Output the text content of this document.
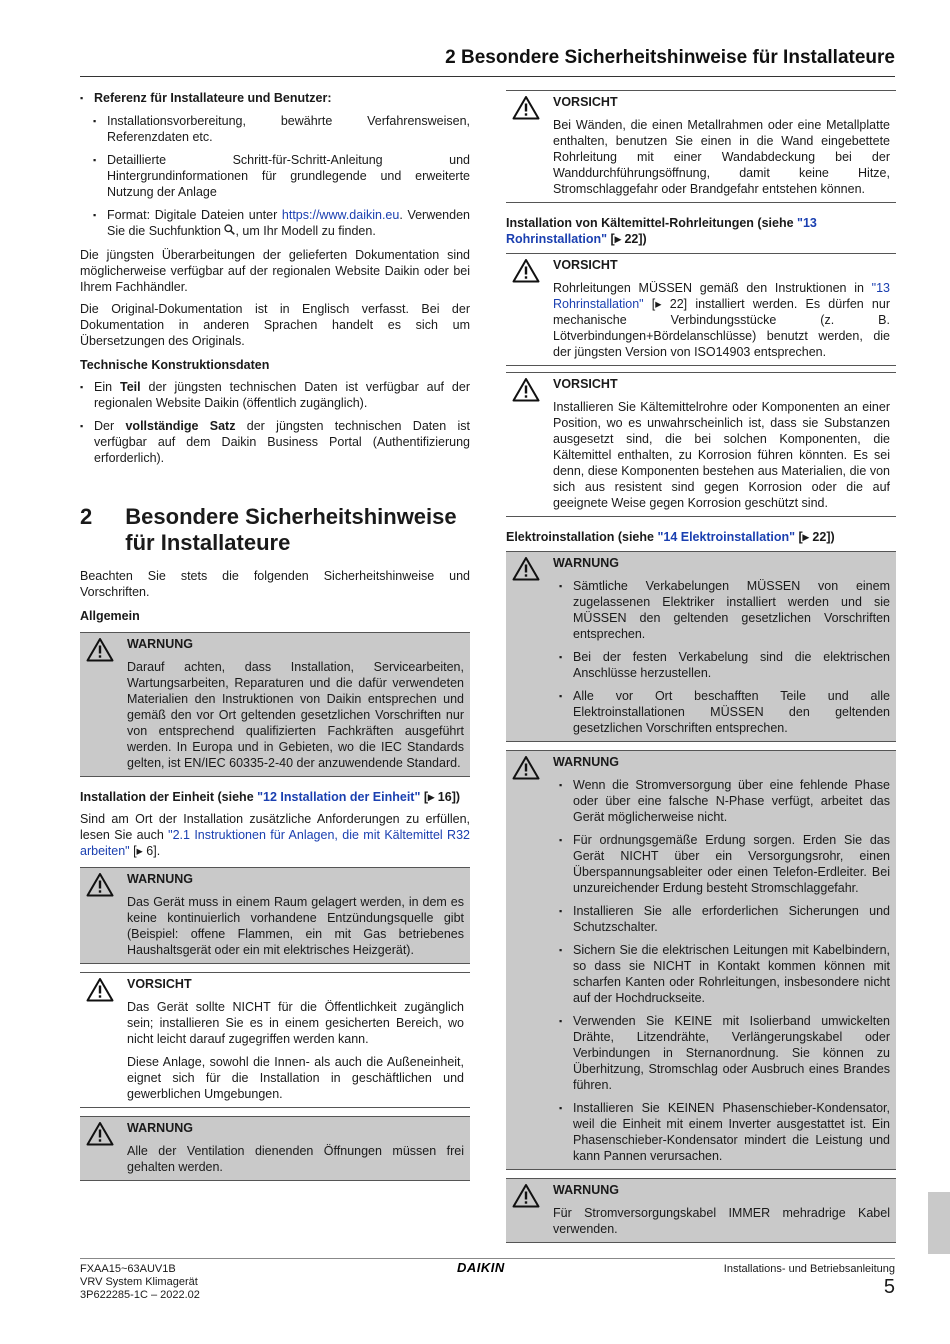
2 Besondere Sicherheitshinweise für Installateure
▪ Referenz für Installateure und Benutzer:
▪ Installationsvorbereitung, bewährte Verfahrensweisen, Referenzdaten etc.
▪ Detaillierte Schritt-für-Schritt-Anleitung und Hintergrundinformationen für grundlegende und erweiterte Nutzung der Anlage
▪ Format: Digitale Dateien unter https://www.daikin.eu. Verwenden Sie die Suchfunktion , um Ihr Modell zu finden.

Die jüngsten Überarbeitungen der gelieferten Dokumentation sind möglicherweise verfügbar auf der regionalen Website Daikin oder bei Ihrem Fachhändler.

Die Original-Dokumentation ist in Englisch verfasst. Bei der Dokumentation in anderen Sprachen handelt es sich um Übersetzungen des Originals.

Technische Konstruktionsdaten
▪ Ein Teil der jüngsten technischen Daten ist verfügbar auf der regionalen Website Daikin (öffentlich zugänglich).
▪ Der vollständige Satz der jüngsten technischen Daten ist verfügbar auf dem Daikin Business Portal (Authentifizierung erforderlich).
2	Besondere Sicherheitshinweise für Installateure

Beachten Sie stets die folgenden Sicherheitshinweise und Vorschriften.

Allgemein
WARNUNG

Darauf achten, dass Installation, Servicearbeiten, Wartungsarbeiten, Reparaturen und die dafür verwendeten Materialien den Instruktionen von Daikin entsprechen und gemäß den vor Ort geltenden gesetzlichen Vorschriften nur von entsprechend qualifizierten Fachkräften ausgeführt werden. In Europa und in Gebieten, wo die IEC Standards gelten, ist EN/IEC 60335-2-40 der anzuwendende Standard.

Installation der Einheit (siehe "12 Installation der Einheit" [▸ 16])

Sind am Ort der Installation zusätzliche Anforderungen zu erfüllen, lesen Sie auch "2.1 Instruktionen für Anlagen, die mit Kältemittel R32 arbeiten" [▸ 6].

WARNUNG

Das Gerät muss in einem Raum gelagert werden, in dem es keine kontinuierlich vorhandene Entzündungsquelle gibt (Beispiel: offene Flammen, ein mit Gas betriebenes Haushaltsgerät oder ein mit elektrisches Heizgerät).

VORSICHT

Das Gerät sollte NICHT für die Öffentlichkeit zugänglich sein; installieren Sie es in einem gesicherten Bereich, wo nicht leicht darauf zugegriffen werden kann.

Diese Anlage, sowohl die Innen- als auch die Außeneinheit, eignet sich für die Installation in geschäftlichen und gewerblichen Umgebungen.

WARNUNG

Alle der Ventilation dienenden Öffnungen müssen frei gehalten werden.

VORSICHT

Bei Wänden, die einen Metallrahmen oder eine Metallplatte enthalten, benutzen Sie einen in die Wand eingebettete Rohrleitung mit einer Wandabdeckung bei der Wanddurchführungsöffnung, damit keine Hitze, Stromschlaggefahr oder Brandgefahr entstehen können.

Installation von Kältemittel-Rohrleitungen (siehe "13 Rohrinstallation" [▸ 22])
VORSICHT

Rohrleitungen MÜSSEN gemäß den Instruktionen in "13 Rohrinstallation" [▸ 22] installiert werden. Es dürfen nur mechanische Verbindungsstücke (z. B. Lötverbindungen+Bördelanschlüsse) benutzt werden, die der jüngsten Version von ISO14903 entsprechen.

VORSICHT

Installieren Sie Kältemittelrohre oder Komponenten an einer Position, wo es unwahrscheinlich ist, dass sie Substanzen ausgesetzt sind, die bei solchen Komponenten, die Kältemittel enthalten, zu Korrosion führen könnten. Es sei denn, diese Komponenten bestehen aus Materialien, die von sich aus resistent sind gegen Korrosion oder die auf geeignete Weise gegen Korrosion geschützt sind.

Elektroinstallation (siehe "14 Elektroinstallation" [▸ 22])
WARNUNG
▪ Sämtliche Verkabelungen MÜSSEN von einem zugelassenen Elektriker installiert werden und sie MÜSSEN den geltenden gesetzlichen Vorschriften entsprechen.
▪ Bei der festen Verkabelung sind die elektrischen Anschlüsse herzustellen.
▪ Alle vor Ort beschafften Teile und alle Elektroinstallationen MÜSSEN den geltenden gesetzlichen Vorschriften entsprechen.
WARNUNG
▪ Wenn die Stromversorgung über eine fehlende Phase oder über eine falsche N-Phase verfügt, arbeitet das Gerät möglicherweise nicht.
▪ Für ordnungsgemäße Erdung sorgen. Erden Sie das Gerät NICHT über ein Versorgungsrohr, einen Überspannungsableiter oder einen Telefon-Erdleiter. Bei unzureichender Erdung besteht Stromschlaggefahr.
▪ Installieren Sie alle erforderlichen Sicherungen und Schutzschalter.
▪ Sichern Sie die elektrischen Leitungen mit Kabelbindern, so dass sie NICHT in Kontakt kommen können mit scharfen Kanten oder Rohrleitungen, insbesondere nicht auf der Hochdruckseite.
▪ Verwenden Sie KEINE mit Isolierband umwickelten Drähte, Litzendrähte, Verlängerungskabel oder Verbindungen in Sternanordnung. Sie können zu Überhitzung, Stromschlag oder Ausbruch eines Brandes führen.
▪ Installieren Sie KEINEN Phasenschieber-Kondensator, weil die Einheit mit einem Inverter ausgestattet ist. Ein Phasenschieber-Kondensator mindert die Leistung und kann Pannen verursachen.
WARNUNG

Für Stromversorgungskabel IMMER mehradrige Kabel verwenden.

FXAA15~63AUV1B
VRV System Klimagerät
3P622285-1C – 2022.02
DAIKIN	Installations- und Betriebsanleitung
5
